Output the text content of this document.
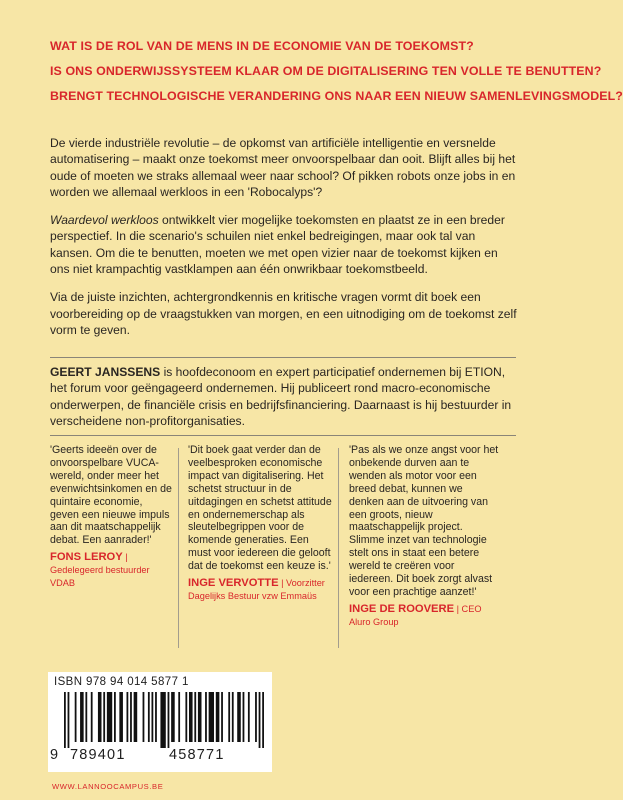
WAT IS DE ROL VAN DE MENS IN DE ECONOMIE VAN DE TOEKOMST?
IS ONS ONDERWIJSSYSTEEM KLAAR OM DE DIGITALISERING TEN VOLLE TE BENUTTEN?
BRENGT TECHNOLOGISCHE VERANDERING ONS NAAR EEN NIEUW SAMENLEVINGSMODEL?

De vierde industriële revolutie – de opkomst van artificiële intelligentie en versnelde automatisering – maakt onze toekomst meer onvoorspelbaar dan ooit. Blijft alles bij het oude of moeten we straks allemaal weer naar school? Of pikken robots onze jobs in en worden we allemaal werkloos in een 'Robocalyps'?

Waardevol werkloos ontwikkelt vier mogelijke toekomsten en plaatst ze in een breder perspectief. In die scenario's schuilen niet enkel bedreigingen, maar ook tal van kansen. Om die te benutten, moeten we met open vizier naar de toekomst kijken en ons niet krampachtig vastklampen aan één onwrikbaar toekomstbeeld.

Via de juiste inzichten, achtergrondkennis en kritische vragen vormt dit boek een voorbereiding op de vraagstukken van morgen, en een uitnodiging om de toekomst zelf vorm te geven.

GEERT JANSSENS is hoofdeconoom en expert participatief ondernemen bij ETION, het forum voor geëngageerd ondernemen. Hij publiceert rond macro-economische onderwerpen, de financiële crisis en bedrijfsfinanciering. Daarnaast is hij bestuurder in verscheidene non-profitorganisaties.
'Geerts ideeën over de onvoorspelbare VUCA-wereld, onder meer het evenwichtsinkomen en de quintaire economie, geven een nieuwe impuls aan dit maatschappelijk debat. Een aanrader!'
FONS LEROY | Gedelegeerd bestuurder VDAB
'Dit boek gaat verder dan de veelbesproken economische impact van digitalisering. Het schetst structuur in de uitdagingen en schetst attitude en ondernemerschap als sleutelbegrippen voor de komende generaties. Een must voor iedereen die gelooft dat de toekomst een keuze is.'
INGE VERVOTTE | Voorzitter Dagelijks Bestuur vzw Emmaüs
'Pas als we onze angst voor het onbekende durven aan te wenden als motor voor een breed debat, kunnen we denken aan de uitvoering van een groots, nieuw maatschappelijk project. Slimme inzet van technologie stelt ons in staat een betere wereld te creëren voor iedereen. Dit boek zorgt alvast voor een prachtige aanzet!'
INGE DE ROOVERE | CEO Aluro Group
ISBN 978 94 014 5877 1
9 789401	458771
WWW.LANNOOCAMPUS.BE
